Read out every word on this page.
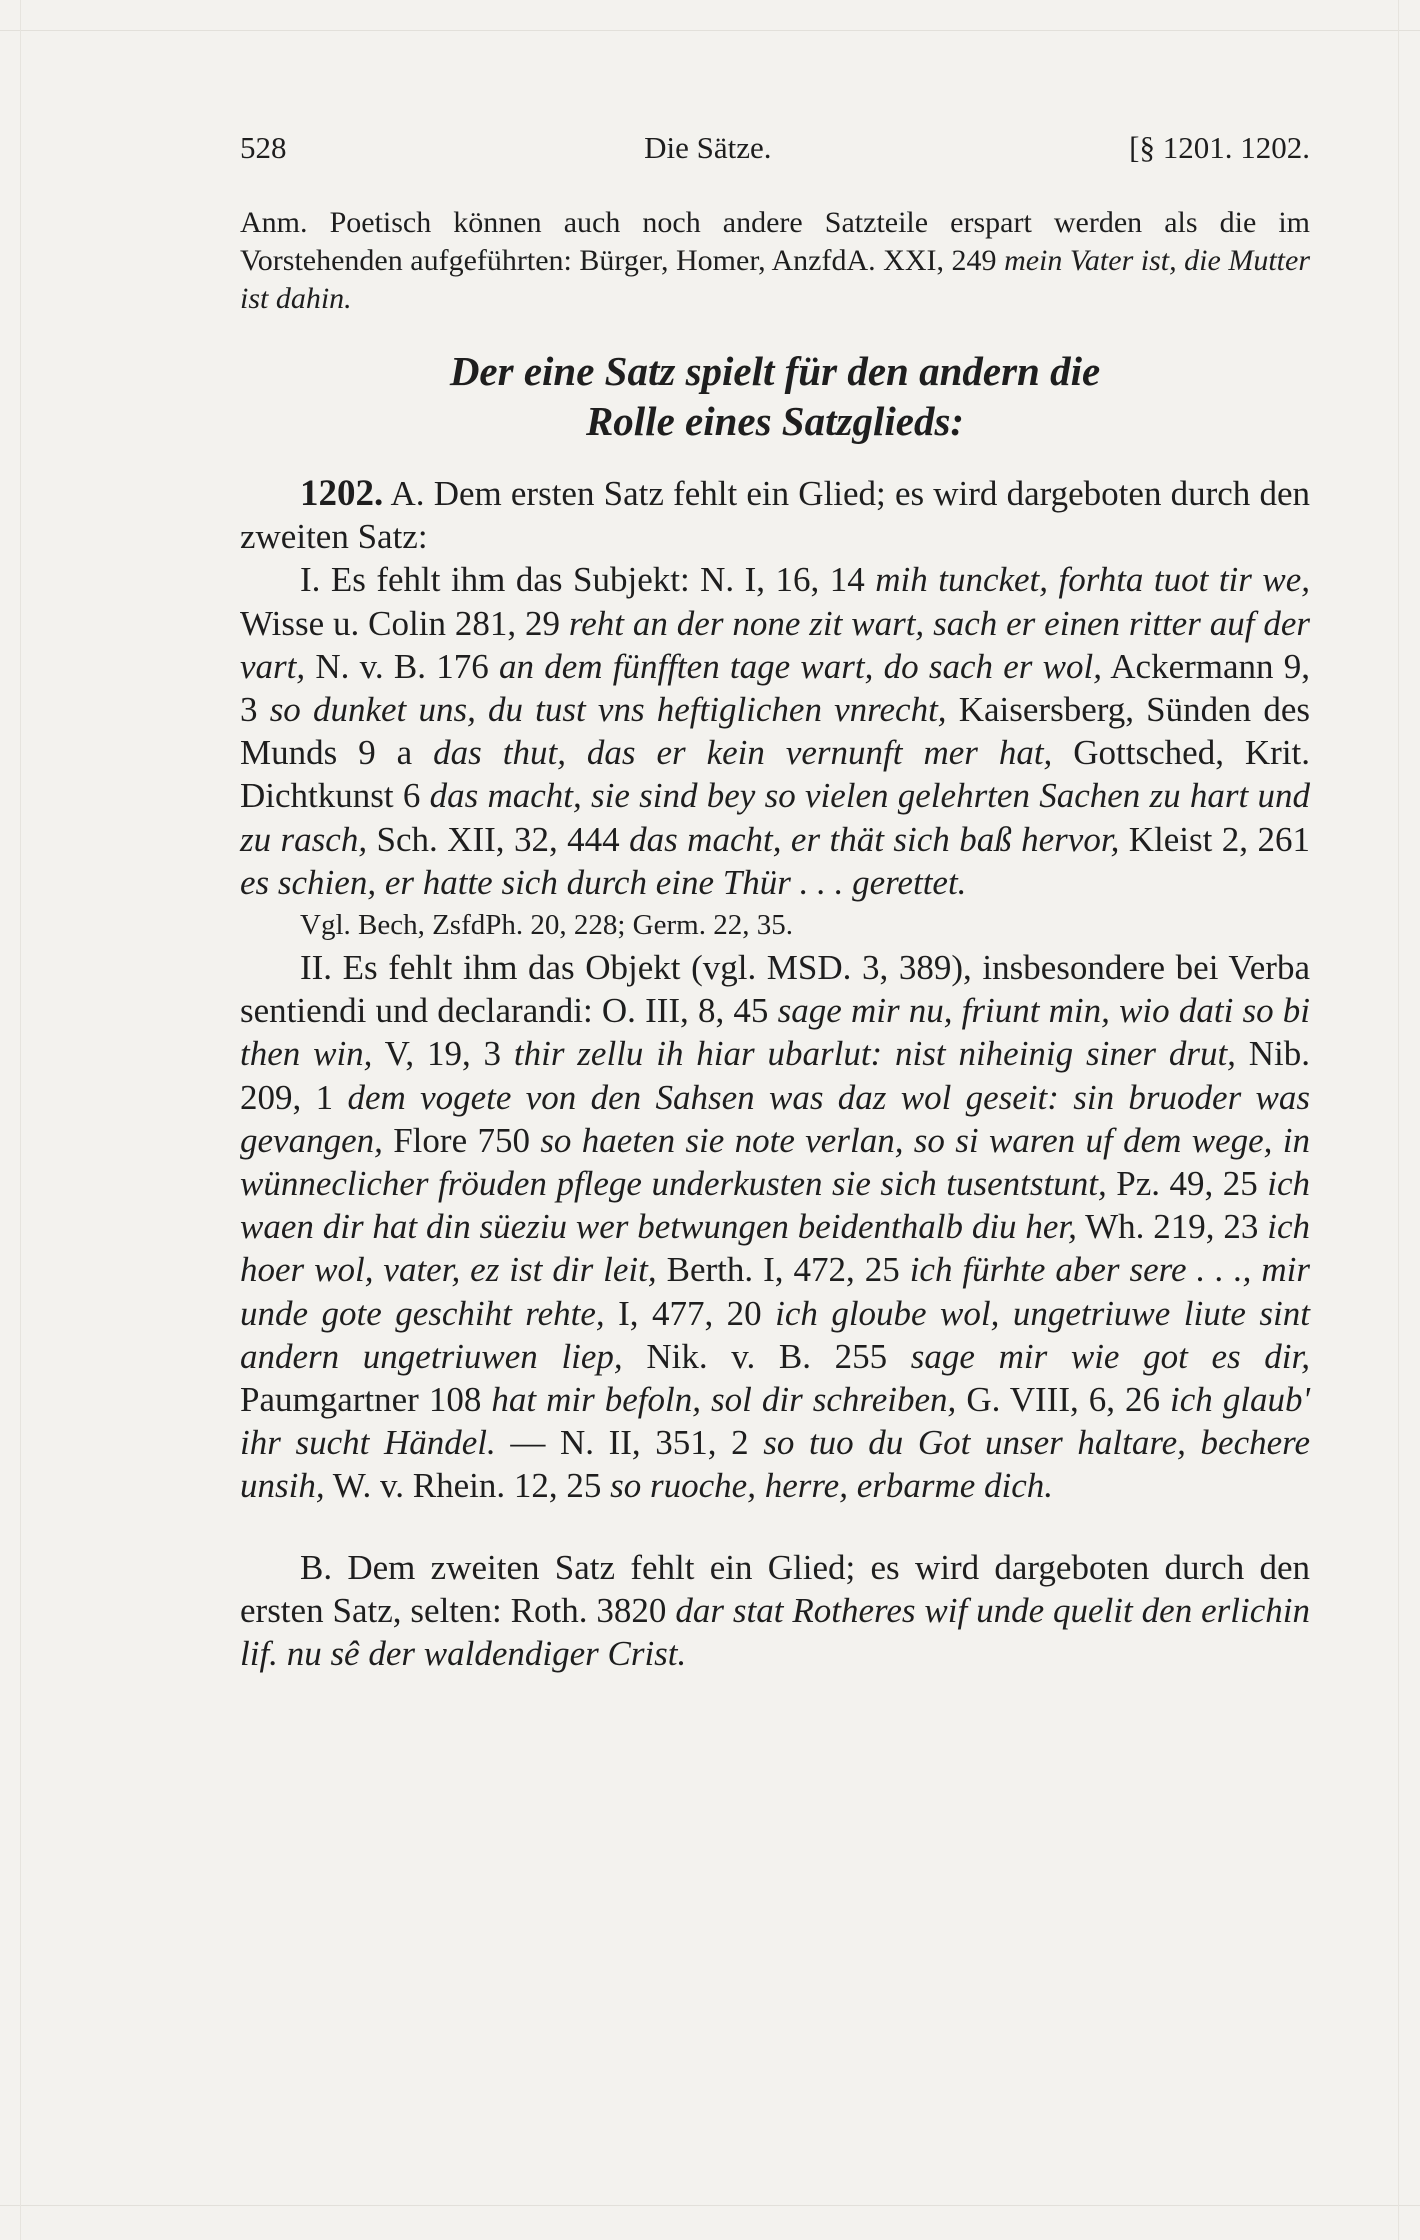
528	Die Sätze.	[§ 1201. 1202.
Anm. Poetisch können auch noch andere Satzteile erspart werden als die im Vorstehenden aufgeführten: Bürger, Homer, AnzfdA. XXI, 249 mein Vater ist, die Mutter ist dahin.
Der eine Satz spielt für den andern die
Rolle eines Satzglieds:

1202. A. Dem ersten Satz fehlt ein Glied; es wird dargeboten durch den zweiten Satz:

I. Es fehlt ihm das Subjekt: N. I, 16, 14 mih tuncket, forhta tuot tir we, Wisse u. Colin 281, 29 reht an der none zit wart, sach er einen ritter auf der vart, N. v. B. 176 an dem fünfften tage wart, do sach er wol, Ackermann 9, 3 so dunket uns, du tust vns heftiglichen vnrecht, Kaisersberg, Sünden des Munds 9 a das thut, das er kein vernunft mer hat, Gottsched, Krit. Dichtkunst 6 das macht, sie sind bey so vielen gelehrten Sachen zu hart und zu rasch, Sch. XII, 32, 444 das macht, er thät sich baß hervor, Kleist 2, 261 es schien, er hatte sich durch eine Thür . . . gerettet.

Vgl. Bech, ZsfdPh. 20, 228; Germ. 22, 35.

II. Es fehlt ihm das Objekt (vgl. MSD. 3, 389), insbesondere bei Verba sentiendi und declarandi: O. III, 8, 45 sage mir nu, friunt min, wio dati so bi then win, V, 19, 3 thir zellu ih hiar ubarlut: nist niheinig siner drut, Nib. 209, 1 dem vogete von den Sahsen was daz wol geseit: sin bruoder was gevangen, Flore 750 so haeten sie note verlan, so si waren uf dem wege, in wünneclicher fröuden pflege underkusten sie sich tusentstunt, Pz. 49, 25 ich waen dir hat din süeziu wer betwungen beidenthalb diu her, Wh. 219, 23 ich hoer wol, vater, ez ist dir leit, Berth. I, 472, 25 ich fürhte aber sere . . ., mir unde gote geschiht rehte, I, 477, 20 ich gloube wol, ungetriuwe liute sint andern ungetriuwen liep, Nik. v. B. 255 sage mir wie got es dir, Paumgartner 108 hat mir befoln, sol dir schreiben, G. VIII, 6, 26 ich glaub' ihr sucht Händel. — N. II, 351, 2 so tuo du Got unser haltare, bechere unsih, W. v. Rhein. 12, 25 so ruoche, herre, erbarme dich.

B. Dem zweiten Satz fehlt ein Glied; es wird dargeboten durch den ersten Satz, selten: Roth. 3820 dar stat Rotheres wif unde quelit den erlichin lif. nu sê der waldendiger Crist.
